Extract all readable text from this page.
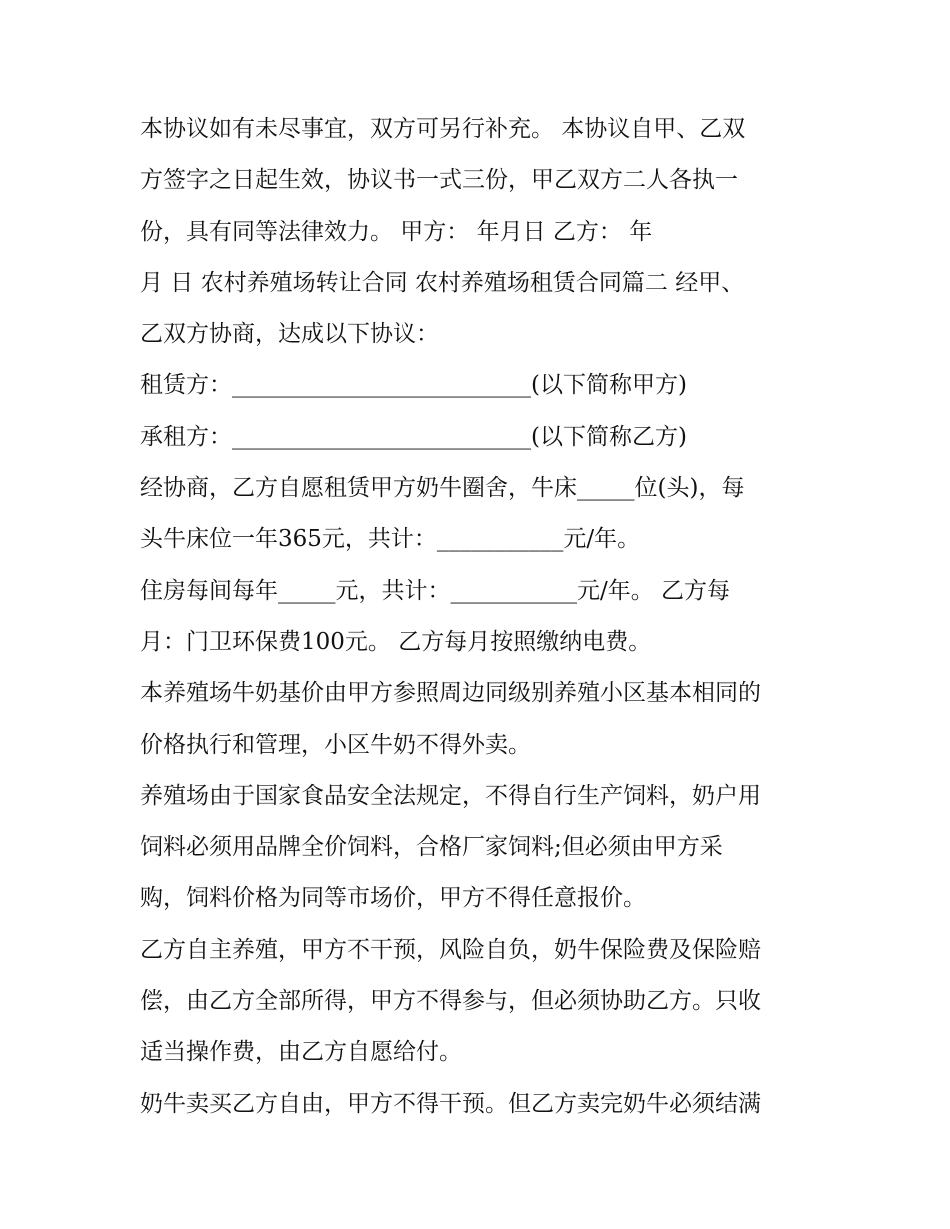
本协议如有未尽事宜，双方可另行补充。 本协议自甲、乙双
方签字之日起生效，协议书一式三份，甲乙双方二人各执一
份，具有同等法律效力。 甲方： 年月日 乙方： 年
月 日 农村养殖场转让合同 农村养殖场租赁合同篇二 经甲、
乙双方协商，达成以下协议：
租赁方：__________________________(以下简称甲方)
承租方：__________________________(以下简称乙方)
经协商，乙方自愿租赁甲方奶牛圈舍，牛床_____位(头)，每
头牛床位一年365元，共计：___________元/年。
住房每间每年_____元，共计：___________元/年。 乙方每
月：门卫环保费100元。 乙方每月按照缴纳电费。
本养殖场牛奶基价由甲方参照周边同级别养殖小区基本相同的
价格执行和管理，小区牛奶不得外卖。
养殖场由于国家食品安全法规定，不得自行生产饲料，奶户用
饲料必须用品牌全价饲料，合格厂家饲料;但必须由甲方采
购，饲料价格为同等市场价，甲方不得任意报价。
乙方自主养殖，甲方不干预，风险自负，奶牛保险费及保险赔
偿，由乙方全部所得，甲方不得参与，但必须协助乙方。只收
适当操作费，由乙方自愿给付。
奶牛卖买乙方自由，甲方不得干预。但乙方卖完奶牛必须结满
